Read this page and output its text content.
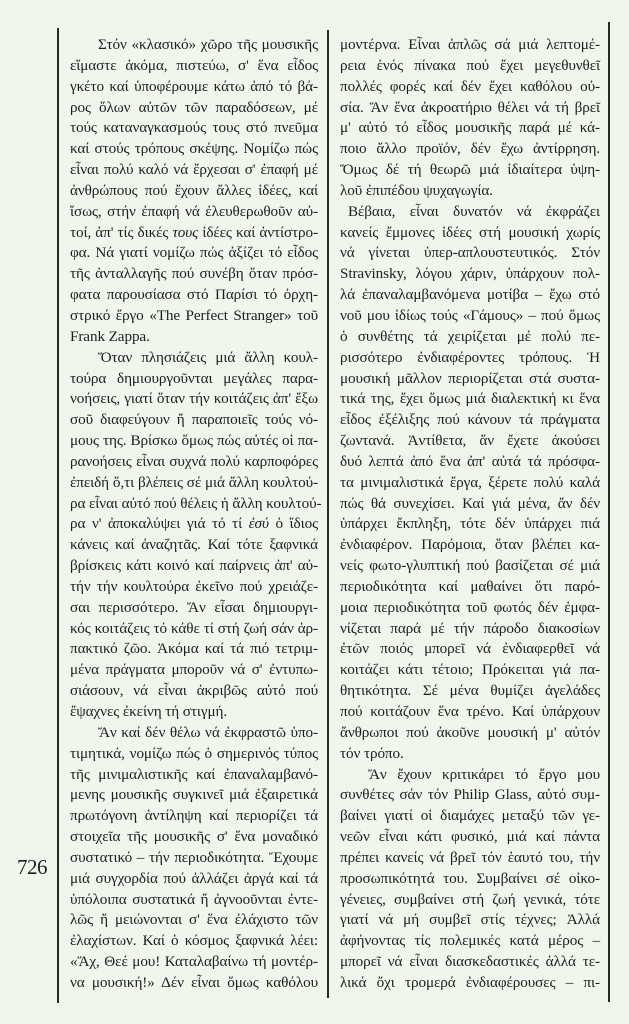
726
Στόν «κλασικό» χῶρο τῆς μουσικῆς
εἴμαστε ἀκόμα, πιστεύω, σ' ἕνα εἶδος
γκέτο καί ὑποφέρουμε κάτω ἀπό τό βά-
ρος ὅλων αὐτῶν τῶν παραδόσεων, μέ
τούς καταναγκασμούς τους στό πνεῦμα
καί στούς τρόπους σκέψης. Νομίζω πώς
εἶναι πολύ καλό νά ἔρχεσαι σ' ἐπαφή μέ
ἀνθρώπους πού ἔχουν ἄλλες ἰδέες, καί
ἴσως, στήν ἐπαφή νά ἐλευθερωθοῦν αὐ-
τοί, ἀπ' τίς δικές τους ἰδέες καί ἀντίστρο-
φα. Νά γιατί νομίζω πώς ἀξίζει τό εἶδος
τῆς ἀνταλλαγῆς πού συνέβη ὅταν πρόσ-
φατα παρουσίασα στό Παρίσι τό ὀρχη-
στρικό ἔργο «The Perfect Stranger» τοῦ
Frank Zappa.
Ὅταν πλησιάζεις μιά ἄλλη κουλ-
τούρα δημιουργοῦνται μεγάλες παρα-
νοήσεις, γιατί ὅταν τήν κοιτάζεις ἀπ' ἔξω
σοῦ διαφεύγουν ἤ παραποιεῖς τούς νό-
μους της. Βρίσκω ὅμως πώς αὐτές οἱ πα-
ρανοήσεις εἶναι συχνά πολύ καρποφόρες
ἐπειδή ὅ,τι βλέπεις σέ μιά ἄλλη κουλτού-
ρα εἶναι αὐτό πού θέλεις ἡ ἄλλη κουλτού-
ρα ν' ἀποκαλύψει γιά τό τί ἐσύ ὁ ἴδιος
κάνεις καί ἀναζητᾶς. Καί τότε ξαφνικά
βρίσκεις κάτι κοινό καί παίρνεις ἀπ' αὐ-
τήν τήν κουλτούρα ἐκεῖνο πού χρειάζε-
σαι περισσότερο. Ἄν εἶσαι δημιουργι-
κός κοιτάζεις τό κάθε τί στή ζωή σάν ἁρ-
πακτικό ζῶο. Ἀκόμα καί τά πιό τετριμ-
μένα πράγματα μποροῦν νά σ' ἐντυπω-
σιάσουν, νά εἶναι ἀκριβῶς αὐτό πού
ἔψαχνες ἐκείνη τή στιγμή.
Ἄν καί δέν θέλω νά ἐκφραστῶ ὑπο-
τιμητικά, νομίζω πώς ὁ σημερινός τύπος
τῆς μινιμαλιστικῆς καί ἐπαναλαμβανό-
μενης μουσικῆς συγκινεῖ μιά ἐξαιρετικά
πρωτόγονη ἀντίληψη καί περιορίζει τά
στοιχεῖα τῆς μουσικῆς σ' ἕνα μοναδικό
συστατικό – τήν περιοδικότητα. Ἔχουμε
μιά συγχορδία πού ἀλλάζει ἀργά καί τά
ὑπόλοιπα συστατικά ἤ ἀγνοοῦνται ἐντε-
λῶς ἤ μειώνονται σ' ἕνα ἐλάχιστο τῶν
ἐλαχίστων. Καί ὁ κόσμος ξαφνικά λέει:
«Ἄχ, Θεέ μου! Καταλαβαίνω τή μοντέρ-
να μουσική!» Δέν εἶναι ὅμως καθόλου
μοντέρνα. Εἶναι ἁπλῶς σά μιά λεπτομέ-
ρεια ἑνός πίνακα πού ἔχει μεγεθυνθεῖ
πολλές φορές καί δέν ἔχει καθόλου οὐ-
σία. Ἄν ἕνα ἀκροατήριο θέλει νά τή βρεῖ
μ' αὐτό τό εἶδος μουσικῆς παρά μέ κά-
ποιο ἄλλο προϊόν, δέν ἔχω ἀντίρρηση.
Ὅμως δέ τή θεωρῶ μιά ἰδιαίτερα ὑψη-
λοῦ ἐπιπέδου ψυχαγωγία.
Βέβαια, εἶναι δυνατόν νά ἐκφράζει
κανείς ἔμμονες ἰδέες στή μουσική χωρίς
νά γίνεται ὑπερ-απλουστευτικός. Στόν
Stravinsky, λόγου χάριν, ὑπάρχουν πολ-
λά ἐπαναλαμβανόμενα μοτίβα – ἔχω στό
νοῦ μου ἰδίως τούς «Γάμους» – πού ὅμως
ὁ συνθέτης τά χειρίζεται μέ πολύ πε-
ρισσότερο ἐνδιαφέροντες τρόπους. Ἡ
μουσική μᾶλλον περιορίζεται στά συστα-
τικά της, ἔχει ὅμως μιά διαλεκτική κι ἕνα
εἶδος ἐξέλιξης πού κάνουν τά πράγματα
ζωντανά. Ἀντίθετα, ἄν ἔχετε ἀκούσει
δυό λεπτά ἀπό ἕνα ἀπ' αὐτά τά πρόσφα-
τα μινιμαλιστικά ἔργα, ξέρετε πολύ καλά
πώς θά συνεχίσει. Καί γιά μένα, ἄν δέν
ὑπάρχει ἔκπληξη, τότε δέν ὑπάρχει πιά
ἐνδιαφέρον. Παρόμοια, ὅταν βλέπει κα-
νείς φωτο-γλυπτική πού βασίζεται σέ μιά
περιοδικότητα καί μαθαίνει ὅτι παρό-
μοια περιοδικότητα τοῦ φωτός δέν ἐμφα-
νίζεται παρά μέ τήν πάροδο διακοσίων
ἐτῶν ποιός μπορεῖ νά ἐνδιαφερθεῖ νά
κοιτάζει κάτι τέτοιο; Πρόκειται γιά πα-
θητικότητα. Σέ μένα θυμίζει ἀγελάδες
πού κοιτάζουν ἕνα τρένο. Καί ὑπάρχουν
ἄνθρωποι πού ἀκοῦνε μουσική μ' αὐτόν
τόν τρόπο.
Ἄν ἔχουν κριτικάρει τό ἔργο μου
συνθέτες σάν τόν Philip Glass, αὐτό συμ-
βαίνει γιατί οἱ διαμάχες μεταξύ τῶν γε-
νεῶν εἶναι κάτι φυσικό, μιά καί πάντα
πρέπει κανείς νά βρεῖ τόν ἑαυτό του, τήν
προσωπικότητά του. Συμβαίνει σέ οἰκο-
γένειες, συμβαίνει στή ζωή γενικά, τότε
γιατί νά μή συμβεῖ στίς τέχνες; Ἀλλά
ἀφήνοντας τίς πολεμικές κατά μέρος –
μπορεῖ νά εἶναι διασκεδαστικές ἀλλά τε-
λικά ὄχι τρομερά ἐνδιαφέρουσες – πι-
